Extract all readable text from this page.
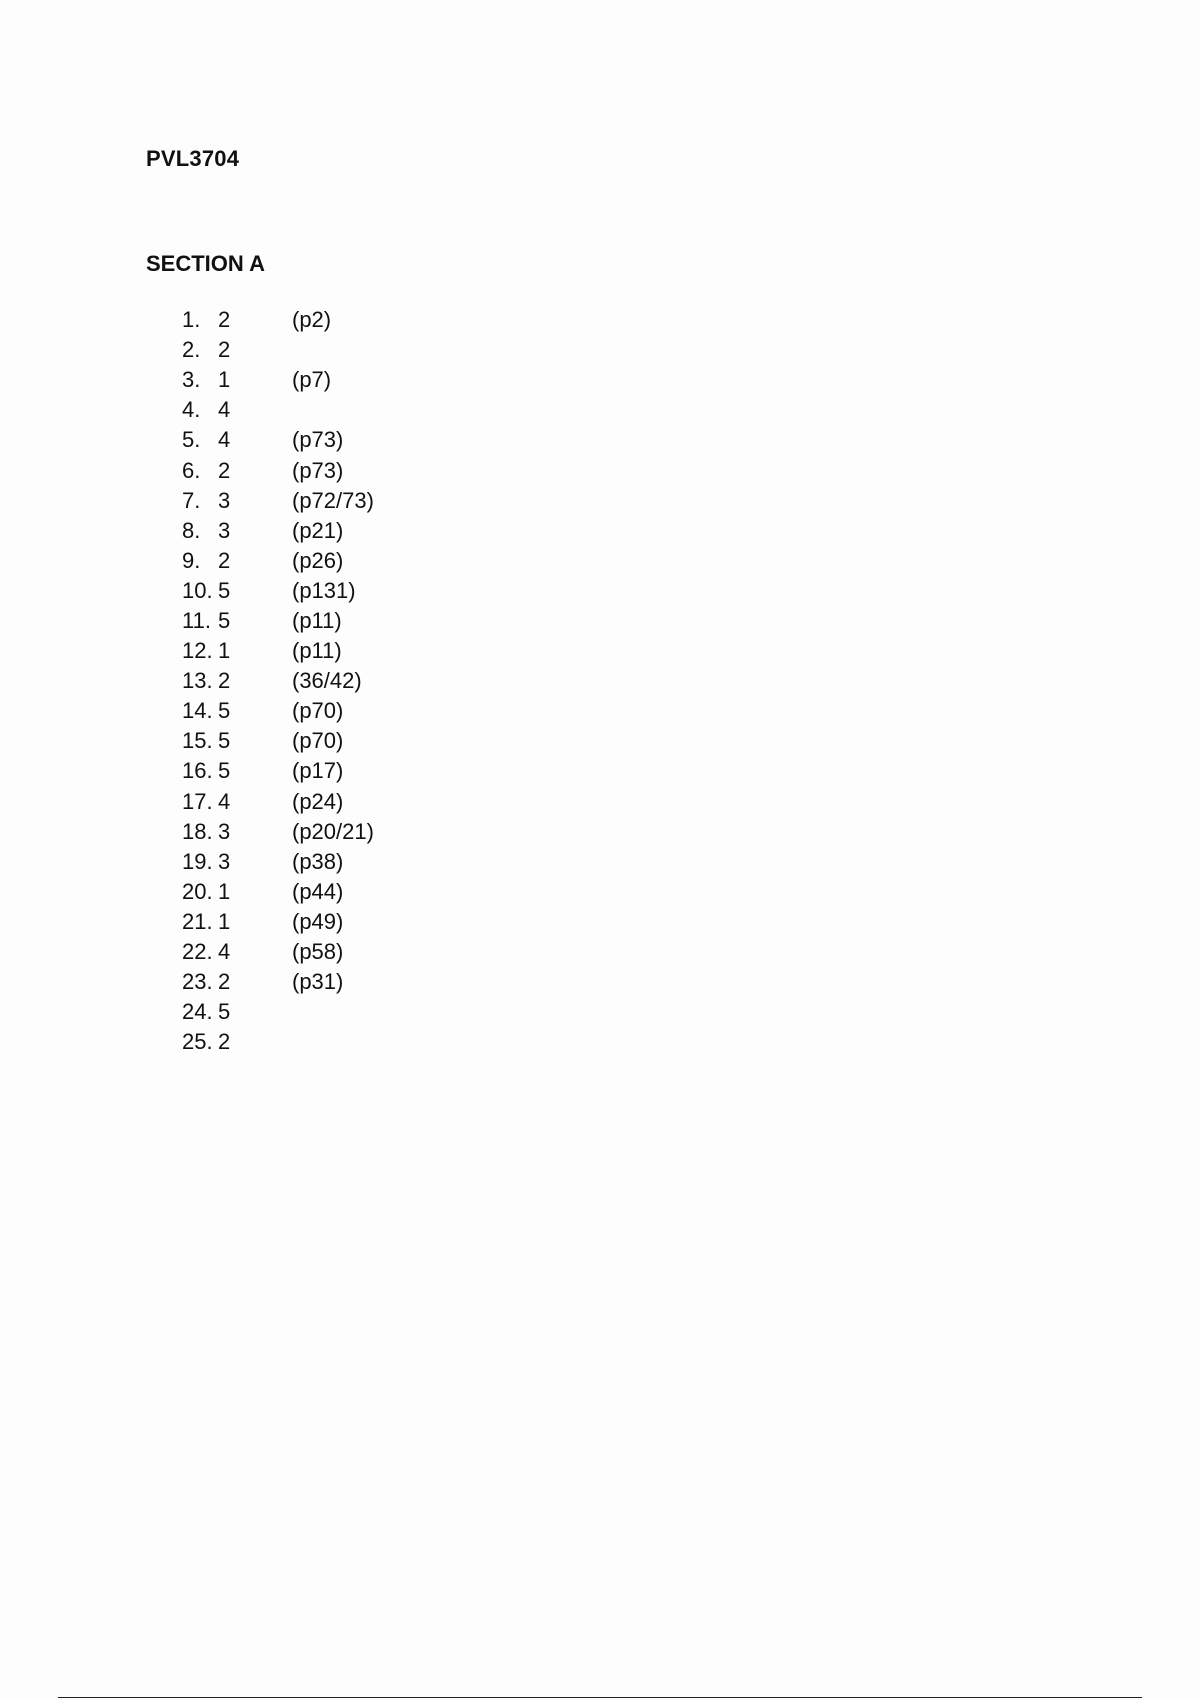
PVL3704
SECTION A
1. 2	(p2)
2. 2
3. 1	(p7)
4. 4
5. 4	(p73)
6. 2	(p73)
7. 3	(p72/73)
8. 3	(p21)
9. 2	(p26)
10. 5	(p131)
11. 5	(p11)
12. 1	(p11)
13. 2	(36/42)
14. 5	(p70)
15. 5	(p70)
16. 5	(p17)
17. 4	(p24)
18. 3	(p20/21)
19. 3	(p38)
20. 1	(p44)
21. 1	(p49)
22. 4	(p58)
23. 2	(p31)
24. 5
25. 2
